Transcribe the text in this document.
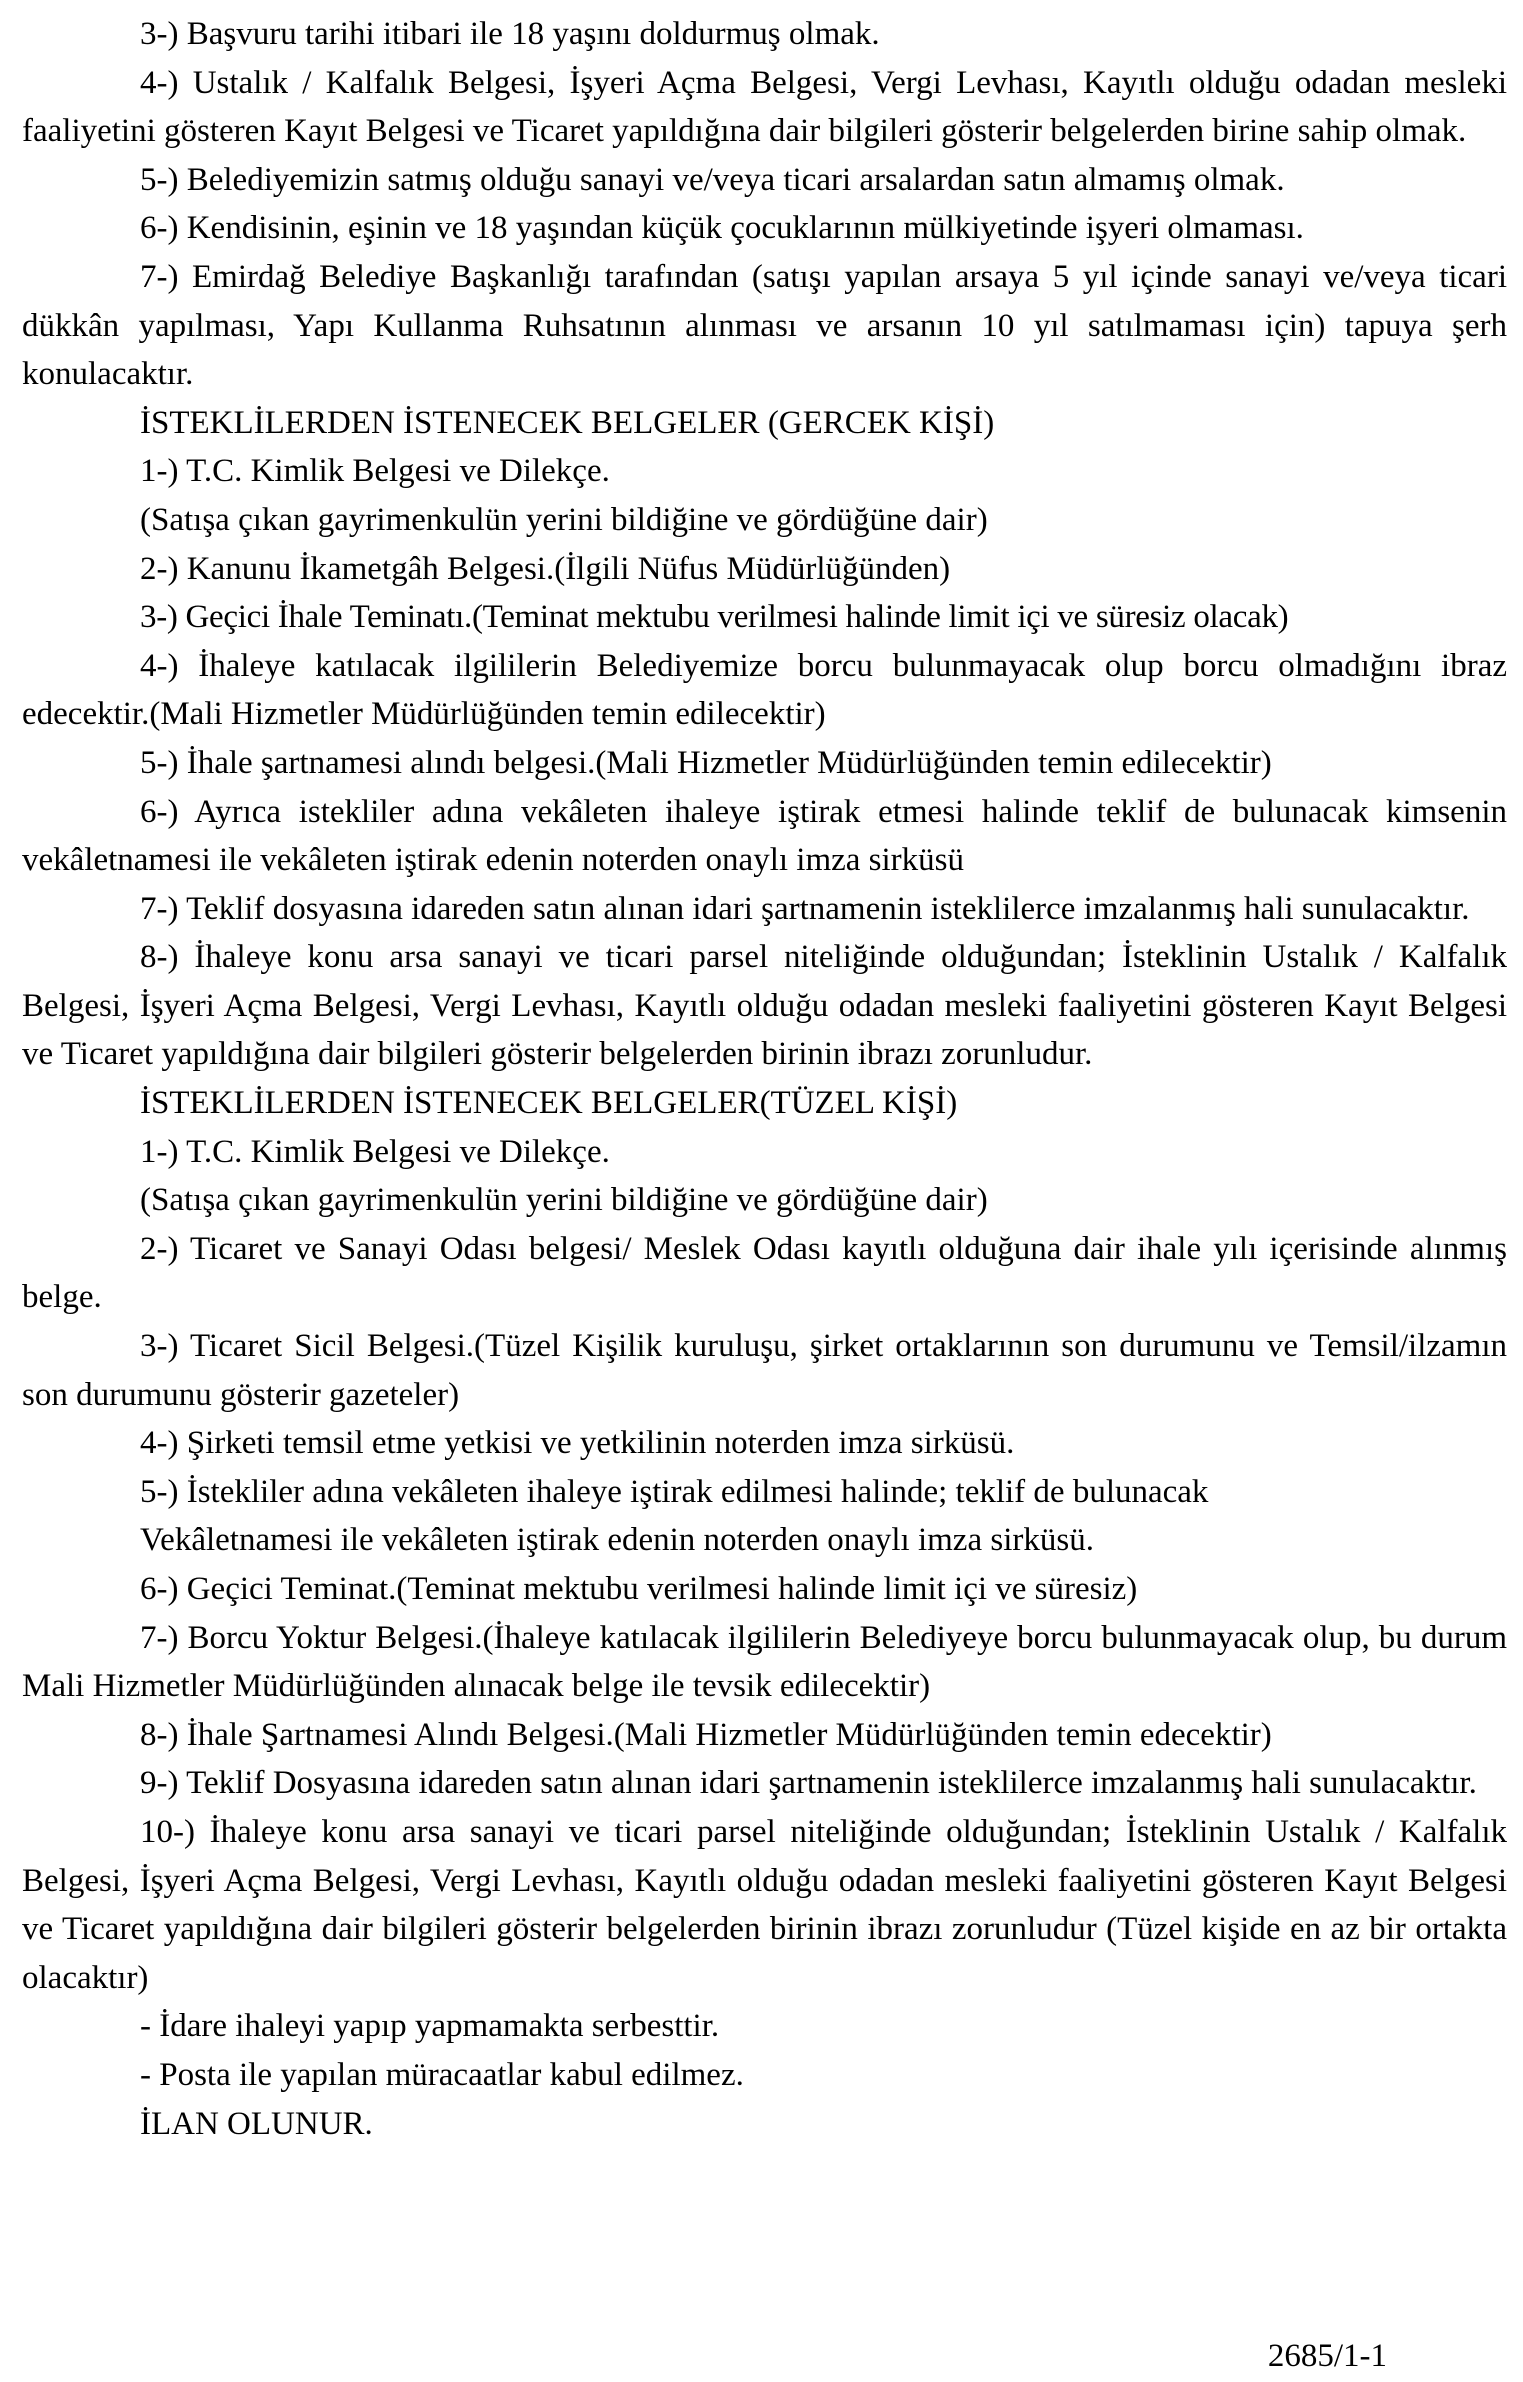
3-) Başvuru tarihi itibari ile 18 yaşını doldurmuş olmak.

4-) Ustalık / Kalfalık Belgesi, İşyeri Açma Belgesi, Vergi Levhası, Kayıtlı olduğu odadan mesleki faaliyetini gösteren Kayıt Belgesi ve Ticaret yapıldığına dair bilgileri gösterir belgelerden birine sahip olmak.

5-) Belediyemizin satmış olduğu sanayi ve/veya ticari arsalardan satın almamış olmak.

6-) Kendisinin, eşinin ve 18 yaşından küçük çocuklarının mülkiyetinde işyeri olmaması.

7-) Emirdağ Belediye Başkanlığı tarafından (satışı yapılan arsaya 5 yıl içinde sanayi ve/veya ticari dükkân yapılması, Yapı Kullanma Ruhsatının alınması ve arsanın 10 yıl satılmaması için) tapuya şerh konulacaktır.

İSTEKLİLERDEN İSTENECEK BELGELER (GERCEK KİŞİ)

1-) T.C. Kimlik Belgesi ve Dilekçe.

(Satışa çıkan gayrimenkulün yerini bildiğine ve gördüğüne dair)

2-) Kanunu İkametgâh Belgesi.(İlgili Nüfus Müdürlüğünden)

3-) Geçici İhale Teminatı.(Teminat mektubu verilmesi halinde limit içi ve süresiz olacak)

4-) İhaleye katılacak ilgililerin Belediyemize borcu bulunmayacak olup borcu olmadığını ibraz edecektir.(Mali Hizmetler Müdürlüğünden temin edilecektir)

5-) İhale şartnamesi alındı belgesi.(Mali Hizmetler Müdürlüğünden temin edilecektir)

6-) Ayrıca istekliler adına vekâleten ihaleye iştirak etmesi halinde teklif de bulunacak kimsenin vekâletnamesi ile vekâleten iştirak edenin noterden onaylı imza sirküsü

7-) Teklif dosyasına idareden satın alınan idari şartnamenin isteklilerce imzalanmış hali sunulacaktır.

8-) İhaleye konu arsa sanayi ve ticari parsel niteliğinde olduğundan; İsteklinin Ustalık / Kalfalık Belgesi, İşyeri Açma Belgesi, Vergi Levhası, Kayıtlı olduğu odadan mesleki faaliyetini gösteren Kayıt Belgesi ve Ticaret yapıldığına dair bilgileri gösterir belgelerden birinin ibrazı zorunludur.

İSTEKLİLERDEN İSTENECEK BELGELER(TÜZEL KİŞİ)

1-) T.C. Kimlik Belgesi ve Dilekçe.

(Satışa çıkan gayrimenkulün yerini bildiğine ve gördüğüne dair)

2-) Ticaret ve Sanayi Odası belgesi/ Meslek Odası kayıtlı olduğuna dair ihale yılı içerisinde alınmış belge.

3-) Ticaret Sicil Belgesi.(Tüzel Kişilik kuruluşu, şirket ortaklarının son durumunu ve Temsil/ilzamın son durumunu gösterir gazeteler)

4-) Şirketi temsil etme yetkisi ve yetkilinin noterden imza sirküsü.

5-) İstekliler adına vekâleten ihaleye iştirak edilmesi halinde; teklif de bulunacak

Vekâletnamesi ile vekâleten iştirak edenin noterden onaylı imza sirküsü.

6-) Geçici Teminat.(Teminat mektubu verilmesi halinde limit içi ve süresiz)

7-) Borcu Yoktur Belgesi.(İhaleye katılacak ilgililerin Belediyeye borcu bulunmayacak olup, bu durum Mali Hizmetler Müdürlüğünden alınacak belge ile tevsik edilecektir)

8-) İhale Şartnamesi Alındı Belgesi.(Mali Hizmetler Müdürlüğünden temin edecektir)

9-) Teklif Dosyasına idareden satın alınan idari şartnamenin isteklilerce imzalanmış hali sunulacaktır.

10-) İhaleye konu arsa sanayi ve ticari parsel niteliğinde olduğundan; İsteklinin Ustalık / Kalfalık Belgesi, İşyeri Açma Belgesi, Vergi Levhası, Kayıtlı olduğu odadan mesleki faaliyetini gösteren Kayıt Belgesi ve Ticaret yapıldığına dair bilgileri gösterir belgelerden birinin ibrazı zorunludur (Tüzel kişide en az bir ortakta olacaktır)

- İdare ihaleyi yapıp yapmamakta serbesttir.

- Posta ile yapılan müracaatlar kabul edilmez.

İLAN OLUNUR.

2685/1-1
